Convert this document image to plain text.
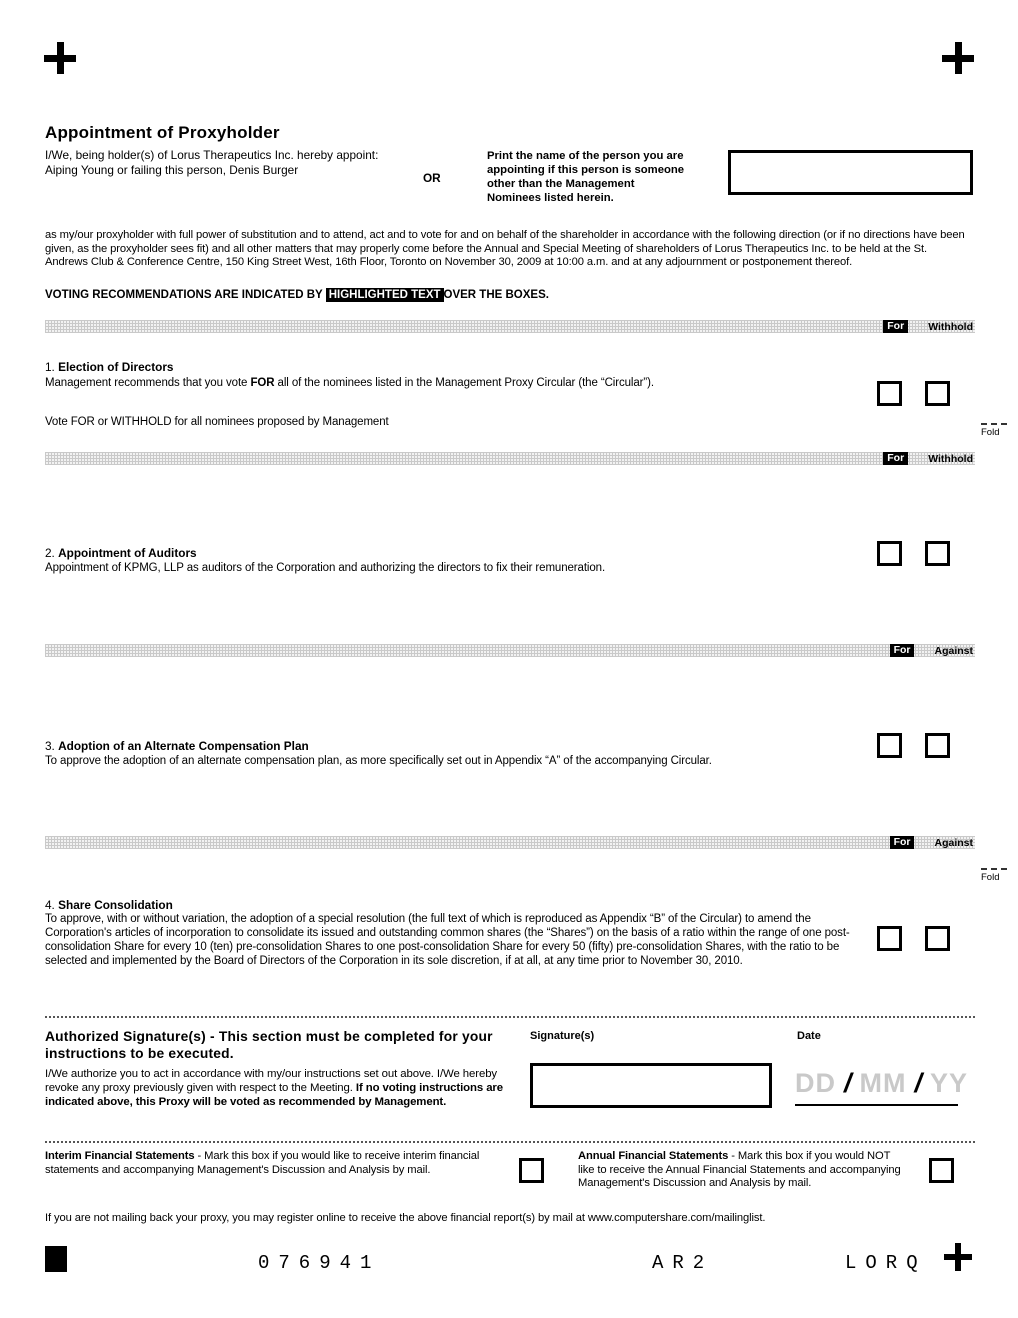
Appointment of Proxyholder
I/We, being holder(s) of Lorus Therapeutics Inc. hereby appoint: Aiping Young or failing this person, Denis Burger
OR
Print the name of the person you are appointing if this person is someone other than the Management Nominees listed herein.
as my/our proxyholder with full power of substitution and to attend, act and to vote for and on behalf of the shareholder in accordance with the following direction (or if no directions have been given, as the proxyholder sees fit) and all other matters that may properly come before the Annual and Special Meeting of shareholders of Lorus Therapeutics Inc. to be held at the St. Andrews Club & Conference Centre, 150 King Street West, 16th Floor, Toronto on November 30, 2009 at 10:00 a.m. and at any adjournment or postponement thereof.
VOTING RECOMMENDATIONS ARE INDICATED BY HIGHLIGHTED TEXT OVER THE BOXES.
For	Withhold
1. Election of Directors
Management recommends that you vote FOR all of the nominees listed in the Management Proxy Circular (the “Circular”).
Vote FOR or WITHHOLD for all nominees proposed by Management
Fold
For	Withhold
2. Appointment of Auditors
Appointment of KPMG, LLP as auditors of the Corporation and authorizing the directors to fix their remuneration.
For	Against
3. Adoption of an Alternate Compensation Plan
To approve the adoption of an alternate compensation plan, as more specifically set out in Appendix “A” of the accompanying Circular.
For	Against
Fold
4. Share Consolidation
To approve, with or without variation, the adoption of a special resolution (the full text of which is reproduced as Appendix “B” of the Circular) to amend the Corporation's articles of incorporation to consolidate its issued and outstanding common shares (the “Shares”) on the basis of a ratio within the range of one post-consolidation Share for every 10 (ten) pre-consolidation Shares to one post-consolidation Share for every 50 (fifty) pre-consolidation Shares, with the ratio to be selected and implemented by the Board of Directors of the Corporation in its sole discretion, if at all, at any time prior to November 30, 2010.
Authorized Signature(s) - This section must be completed for your instructions to be executed.
I/We authorize you to act in accordance with my/our instructions set out above. I/We hereby revoke any proxy previously given with respect to the Meeting. If no voting instructions are indicated above, this Proxy will be voted as recommended by Management.
Signature(s)	Date
DD / MM / YY
Interim Financial Statements - Mark this box if you would like to receive interim financial statements and accompanying Management's Discussion and Analysis by mail.
Annual Financial Statements - Mark this box if you would NOT like to receive the Annual Financial Statements and accompanying Management's Discussion and Analysis by mail.
If you are not mailing back your proxy, you may register online to receive the above financial report(s) by mail at www.computershare.com/mailinglist.
076941	AR2	LORQ
